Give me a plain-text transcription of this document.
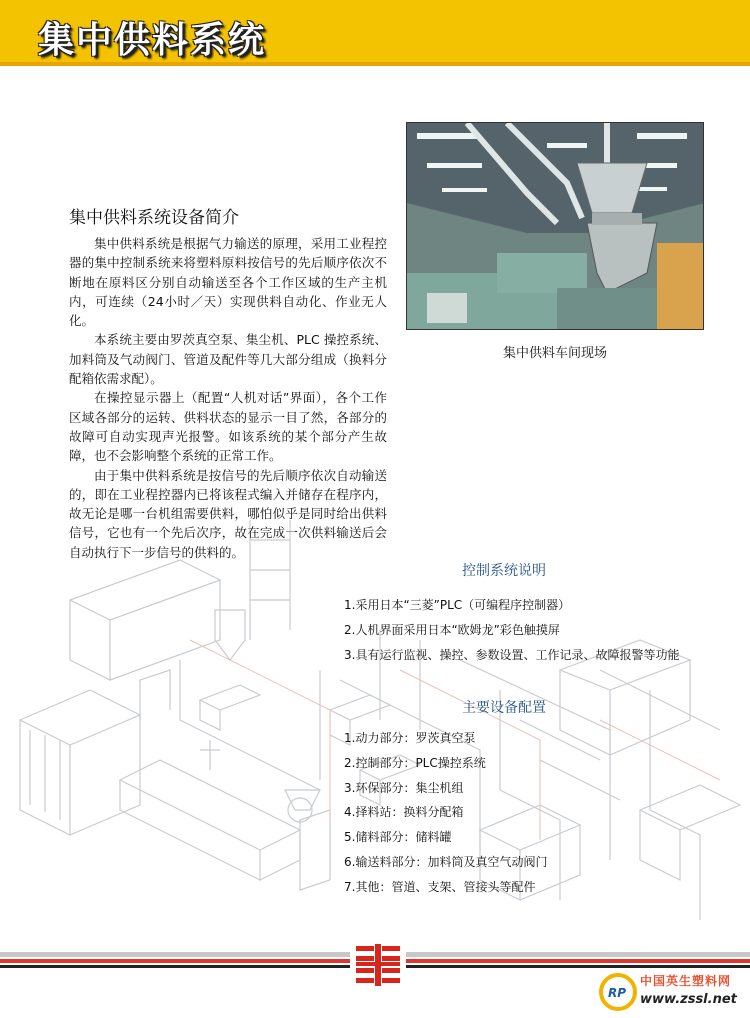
集中供料系统
集中供料车间现场
集中供料系统设备简介

集中供料系统是根据气力输送的原理，采用工业程控器的集中控制系统来将塑料原料按信号的先后顺序依次不断地在原料区分别自动输送至各个工作区域的生产主机内，可连续（24小时／天）实现供料自动化、作业无人化。

本系统主要由罗茨真空泵、集尘机、PLC 操控系统、加料筒及气动阀门、管道及配件等几大部分组成（换料分配箱依需求配）。

在操控显示器上（配置“人机对话”界面），各个工作区域各部分的运转、供料状态的显示一目了然，各部分的故障可自动实现声光报警。如该系统的某个部分产生故障，也不会影响整个系统的正常工作。

由于集中供料系统是按信号的先后顺序依次自动输送的，即在工业程控器内已将该程式编入并储存在程序内，故无论是哪一台机组需要供料，哪怕似乎是同时给出供料信号，它也有一个先后次序，故在完成一次供料输送后会自动执行下一步信号的供料的。

控制系统说明
1.采用日本“三菱”PLC（可编程序控制器）
2.人机界面采用日本“欧姆龙”彩色触摸屏
3.具有运行监视、操控、参数设置、工作记录、故障报警等功能
主要设备配置
1.动力部分：罗茨真空泵
2.控制部分：PLC操控系统
3.环保部分：集尘机组
4.择料站：换料分配箱
5.储料部分：储料罐
6.输送料部分：加料筒及真空气动阀门
7.其他：管道、支架、管接头等配件
RP
中国英生塑料网
www.zssl.net
